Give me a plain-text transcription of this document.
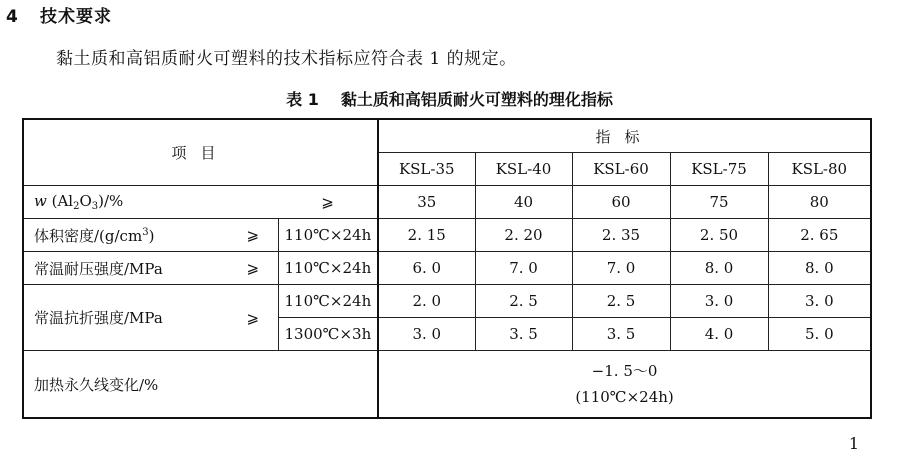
4 技术要求
黏土质和高铝质耐火可塑料的技术指标应符合表 1 的规定。
表 1 黏土质和高铝质耐火可塑料的理化指标
项目			指标				
			KSL-35	KSL-40	KSL-60	KSL-75	KSL-80
w $(Al_2O_3)/\%$		⩾	35	40	60	75	80
体积密度$/(g/cm^3)$	⩾	110℃×24h	2. 15	2. 20	2. 35	2. 50	2. 65
常温耐压强度/MPa	⩾	110℃×24h	6. 0	7. 0	7. 0	8. 0	8. 0
常温抗折强度/MPa	⩾	110℃×24h	2. 0	2. 5	2. 5	3. 0	3. 0
		1300℃×3h	3. 0	3. 5	3. 5	4. 0	5. 0
加热永久线变化/%			−1. 5～0
(110℃×24h)				
1
